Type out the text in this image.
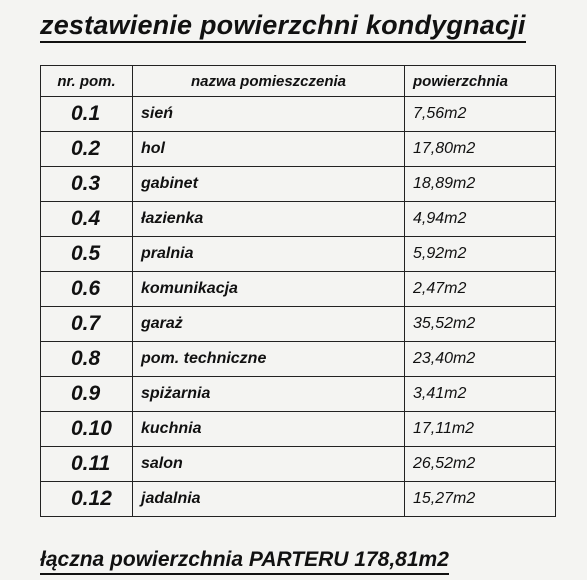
zestawienie powierzchni kondygnacji
nr. pom.	nazwa pomieszczenia	powierzchnia
0.1	sień	7,56m2
0.2	hol	17,80m2
0.3	gabinet	18,89m2
0.4	łazienka	4,94m2
0.5	pralnia	5,92m2
0.6	komunikacja	2,47m2
0.7	garaż	35,52m2
0.8	pom. techniczne	23,40m2
0.9	spiżarnia	3,41m2
0.10	kuchnia	17,11m2
0.11	salon	26,52m2
0.12	jadalnia	15,27m2
łączna powierzchnia PARTERU 178,81m2
